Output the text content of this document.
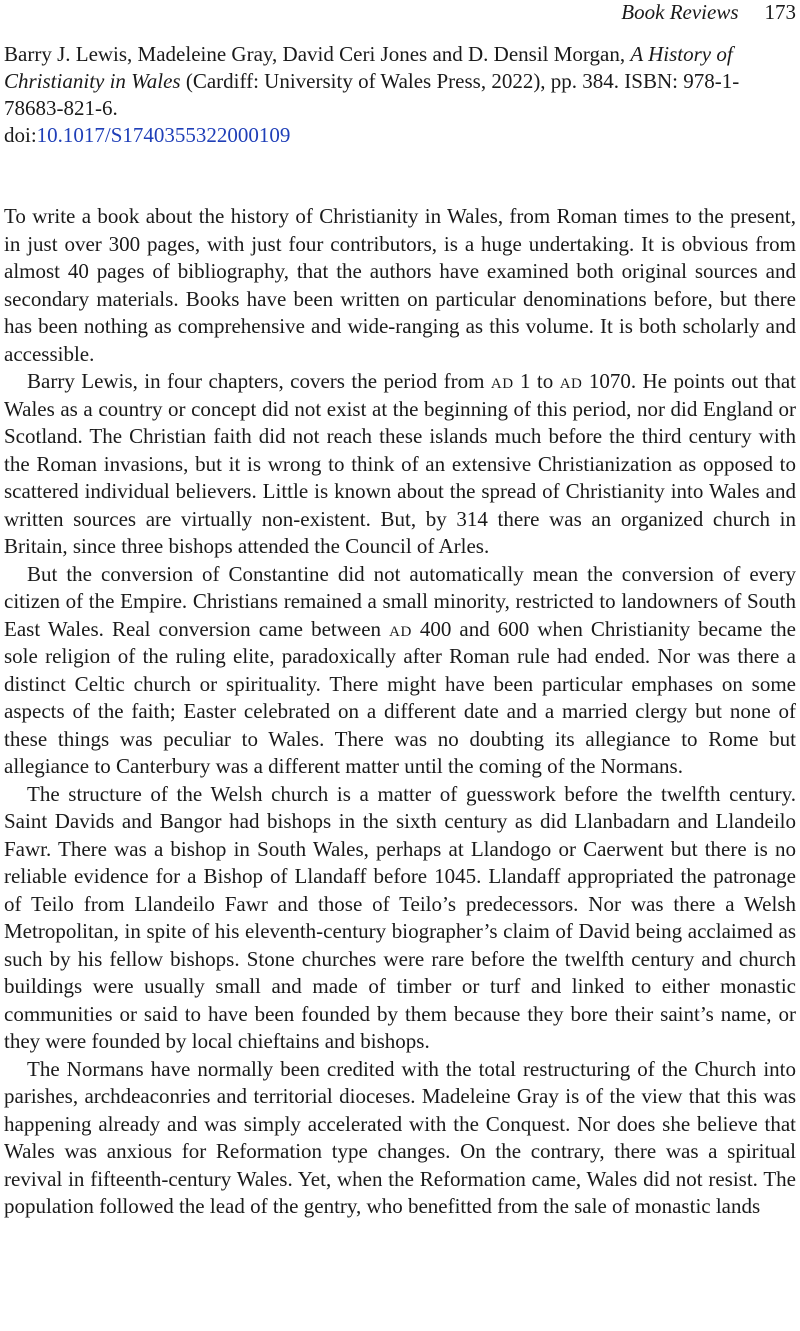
Book Reviews 173
Barry J. Lewis, Madeleine Gray, David Ceri Jones and D. Densil Morgan, A History of Christianity in Wales (Cardiff: University of Wales Press, 2022), pp. 384. ISBN: 978-1-78683-821-6.
doi:10.1017/S1740355322000109

To write a book about the history of Christianity in Wales, from Roman times to the present, in just over 300 pages, with just four contributors, is a huge undertaking. It is obvious from almost 40 pages of bibliography, that the authors have examined both original sources and secondary materials. Books have been written on particular denominations before, but there has been nothing as comprehensive and wide-ranging as this volume. It is both scholarly and accessible.

Barry Lewis, in four chapters, covers the period from ad 1 to ad 1070. He points out that Wales as a country or concept did not exist at the beginning of this period, nor did England or Scotland. The Christian faith did not reach these islands much before the third century with the Roman invasions, but it is wrong to think of an extensive Christianization as opposed to scattered individual believers. Little is known about the spread of Christianity into Wales and written sources are virtually non-existent. But, by 314 there was an organized church in Britain, since three bishops attended the Council of Arles.

But the conversion of Constantine did not automatically mean the conversion of every citizen of the Empire. Christians remained a small minority, restricted to landowners of South East Wales. Real conversion came between ad 400 and 600 when Christianity became the sole religion of the ruling elite, paradoxically after Roman rule had ended. Nor was there a distinct Celtic church or spirituality. There might have been particular emphases on some aspects of the faith; Easter celebrated on a different date and a married clergy but none of these things was peculiar to Wales. There was no doubting its allegiance to Rome but allegiance to Canterbury was a different matter until the coming of the Normans.

The structure of the Welsh church is a matter of guesswork before the twelfth century. Saint Davids and Bangor had bishops in the sixth century as did Llanbadarn and Llandeilo Fawr. There was a bishop in South Wales, perhaps at Llandogo or Caerwent but there is no reliable evidence for a Bishop of Llandaff before 1045. Llandaff appropriated the patronage of Teilo from Llandeilo Fawr and those of Teilo’s predecessors. Nor was there a Welsh Metropolitan, in spite of his eleventh-century biographer’s claim of David being acclaimed as such by his fellow bishops. Stone churches were rare before the twelfth century and church buildings were usually small and made of timber or turf and linked to either monastic communities or said to have been founded by them because they bore their saint’s name, or they were founded by local chieftains and bishops.

The Normans have normally been credited with the total restructuring of the Church into parishes, archdeaconries and territorial dioceses. Madeleine Gray is of the view that this was happening already and was simply accelerated with the Conquest. Nor does she believe that Wales was anxious for Reformation type changes. On the contrary, there was a spiritual revival in fifteenth-century Wales. Yet, when the Reformation came, Wales did not resist. The population followed the lead of the gentry, who benefitted from the sale of monastic lands
